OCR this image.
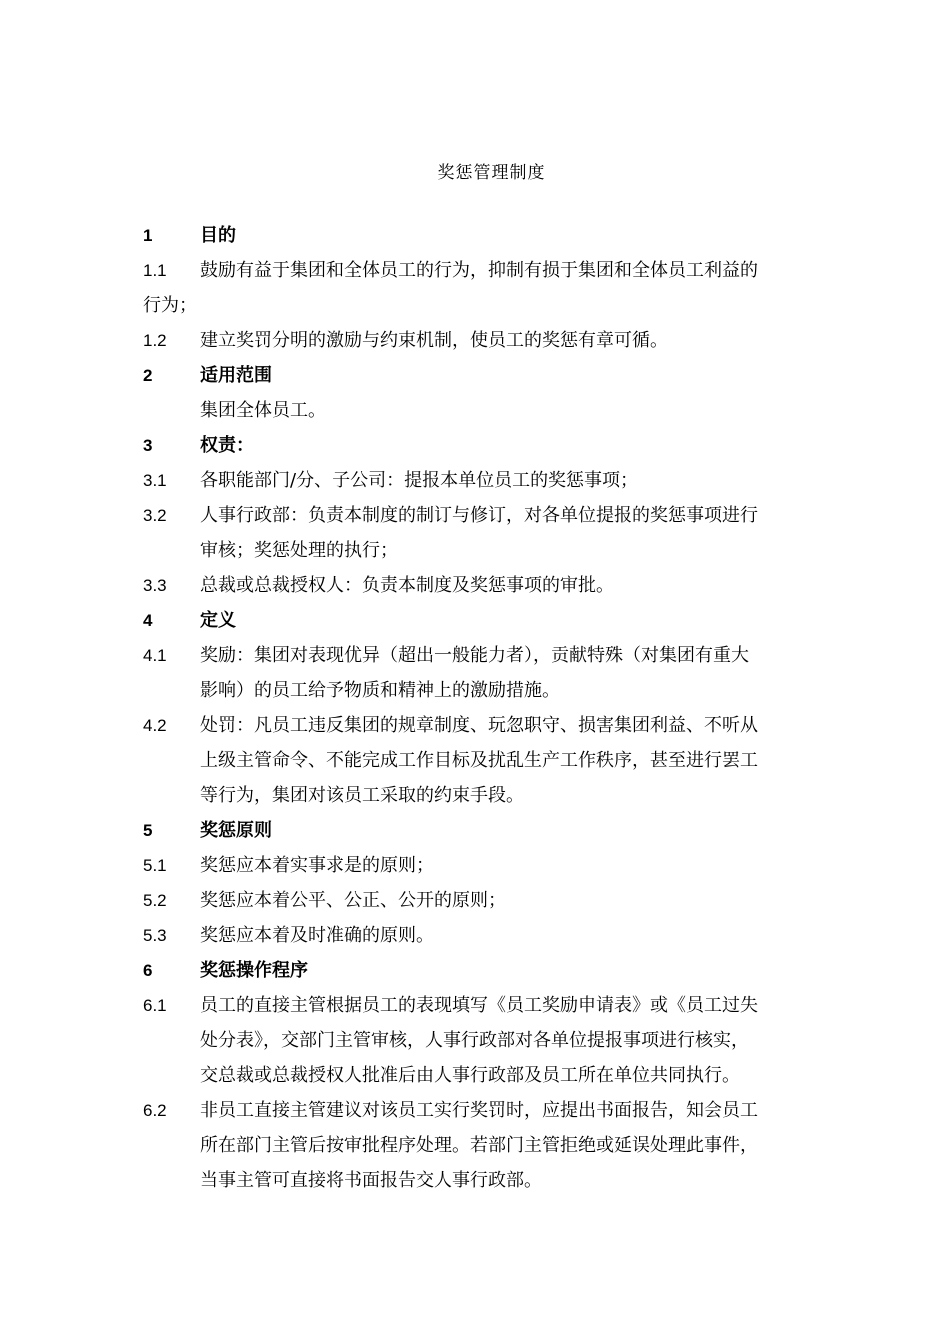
奖惩管理制度
1	目的
1.1	鼓励有益于集团和全体员工的行为，抑制有损于集团和全体员工利益的
行为；
1.2	建立奖罚分明的激励与约束机制，使员工的奖惩有章可循。
2	适用范围
集团全体员工。
3	权责：
3.1	各职能部门/分、子公司：提报本单位员工的奖惩事项；
3.2	人事行政部：负责本制度的制订与修订，对各单位提报的奖惩事项进行
审核；奖惩处理的执行；
3.3	总裁或总裁授权人：负责本制度及奖惩事项的审批。
4	定义
4.1	奖励：集团对表现优异（超出一般能力者），贡献特殊（对集团有重大
影响）的员工给予物质和精神上的激励措施。
4.2	处罚：凡员工违反集团的规章制度、玩忽职守、损害集团利益、不听从
上级主管命令、不能完成工作目标及扰乱生产工作秩序，甚至进行罢工
等行为，集团对该员工采取的约束手段。
5	奖惩原则
5.1	奖惩应本着实事求是的原则；
5.2	奖惩应本着公平、公正、公开的原则；
5.3	奖惩应本着及时准确的原则。
6	奖惩操作程序
6.1	员工的直接主管根据员工的表现填写《员工奖励申请表》或《员工过失
处分表》，交部门主管审核，人事行政部对各单位提报事项进行核实，
交总裁或总裁授权人批准后由人事行政部及员工所在单位共同执行。
6.2	非员工直接主管建议对该员工实行奖罚时，应提出书面报告，知会员工
所在部门主管后按审批程序处理。若部门主管拒绝或延误处理此事件，
当事主管可直接将书面报告交人事行政部。
